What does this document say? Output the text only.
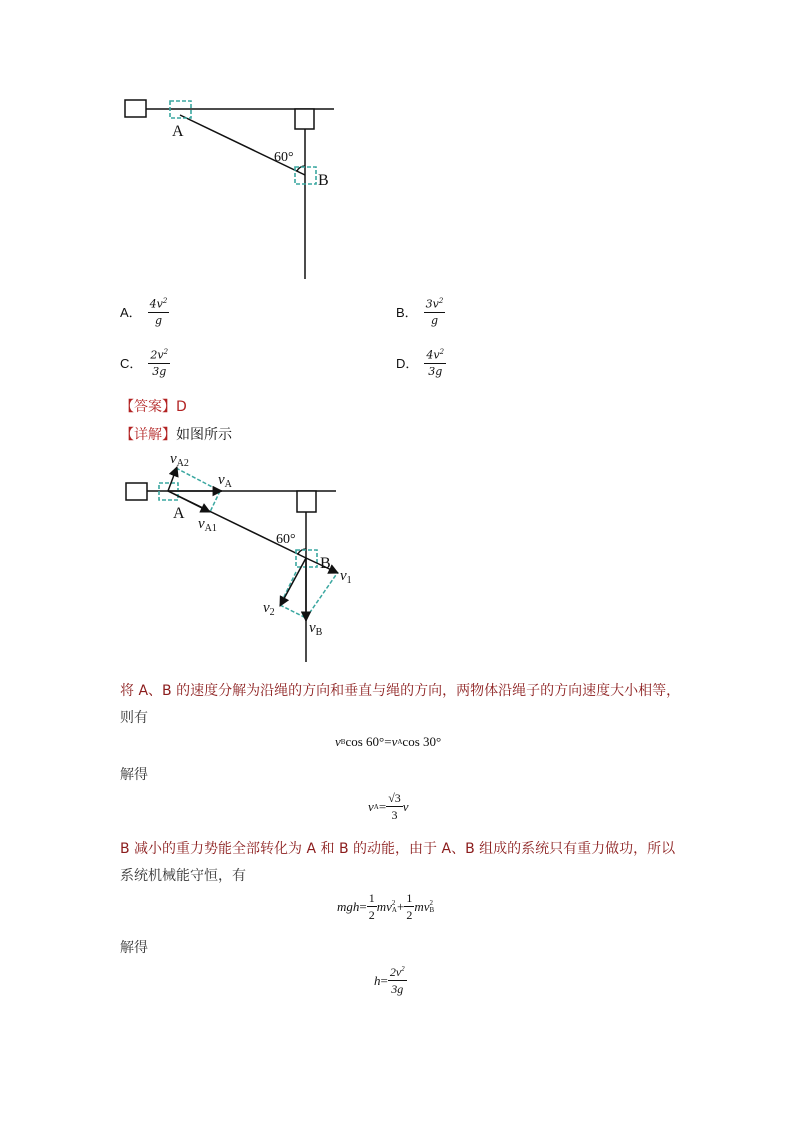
A
B
60°
A． $\frac{4v^2}{g}$	B． $\frac{3v^2}{g}$
C． $\frac{2v^2}{3g}$	D． $\frac{4v^2}{3g}$
【答案】D
【详解】如图所示
A
B
60°
$v_{A2}$
$v_A$
$v_{A1}$
$v_1$
$v_2$
$v_B$
将 A、B 的速度分解为沿绳的方向和垂直与绳的方向，两物体沿绳子的方向速度大小相等，
则有
v B cos 60° = v A cos 30°
解得
v $A = \frac{√3}{3}$ v
B 减小的重力势能全部转化为 A 和 B 的动能，由于 A、B 组成的系统只有重力做功，所以
系统机械能守恒，有
mgh = $\frac{1}{2}$ mv 2
$A + \frac{1}{2}$ mv 2
B
解得
$h = \frac{2v^2}{3g}$
